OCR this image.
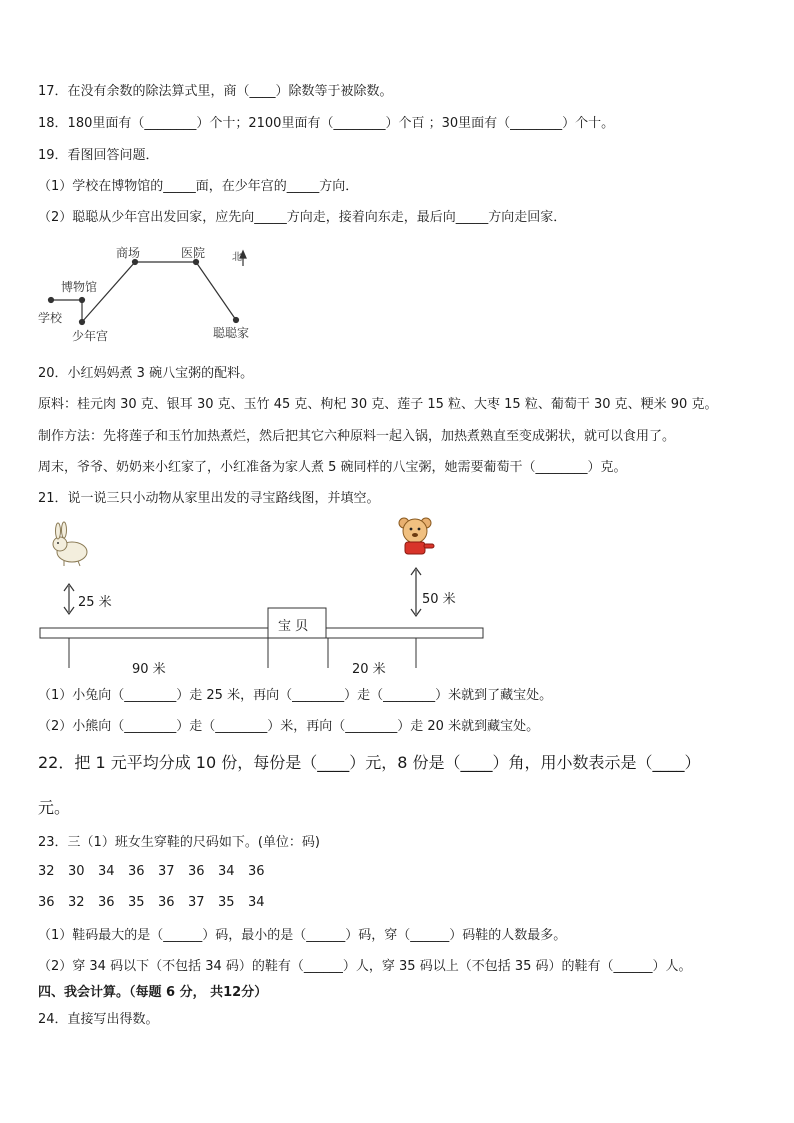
17．在没有余数的除法算式里，商（____）除数等于被除数。
18．180里面有（________）个十；2100里面有（________）个百 ；30里面有（________）个十。
19．看图回答问题．
（1）学校在博物馆的_____面，在少年宫的_____方向．
（2）聪聪从少年宫出发回家，应先向_____方向走，接着向东走，最后向_____方向走回家．
商场	医院	北
博物馆
学校
少年宫	聪聪家
20．小红妈妈煮 3 碗八宝粥的配料。
原料：桂元肉 30 克、银耳 30 克、玉竹 45 克、枸杞 30 克、莲子 15 粒、大枣 15 粒、葡萄干 30 克、粳米 90 克。
制作方法：先将莲子和玉竹加热煮烂，然后把其它六种原料一起入锅，加热煮熟直至变成粥状，就可以食用了。
周末，爷爷、奶奶来小红家了，小红准备为家人煮 5 碗同样的八宝粥，她需要葡萄干（________）克。
21．说一说三只小动物从家里出发的寻宝路线图，并填空。
25 米	50 米
宝 贝
90 米	20 米
（1）小兔向（________）走 25 米，再向（________）走（________）米就到了藏宝处。
（2）小熊向（________）走（________）米，再向（________）走 20 米就到藏宝处。
22．把 1 元平均分成 10 份，每份是（____）元，8 份是（____）角，用小数表示是（____）
元。
23．三（1）班女生穿鞋的尺码如下。(单位：码)
32 30 34 36 37 36 34 36
36 32 36 35 36 37 35 34
（1）鞋码最大的是（______）码，最小的是（______）码，穿（______）码鞋的人数最多。
（2）穿 34 码以下（不包括 34 码）的鞋有（______）人，穿 35 码以上（不包括 35 码）的鞋有（______）人。
四、我会计算。（每题 6 分， 共12分）
24．直接写出得数。
